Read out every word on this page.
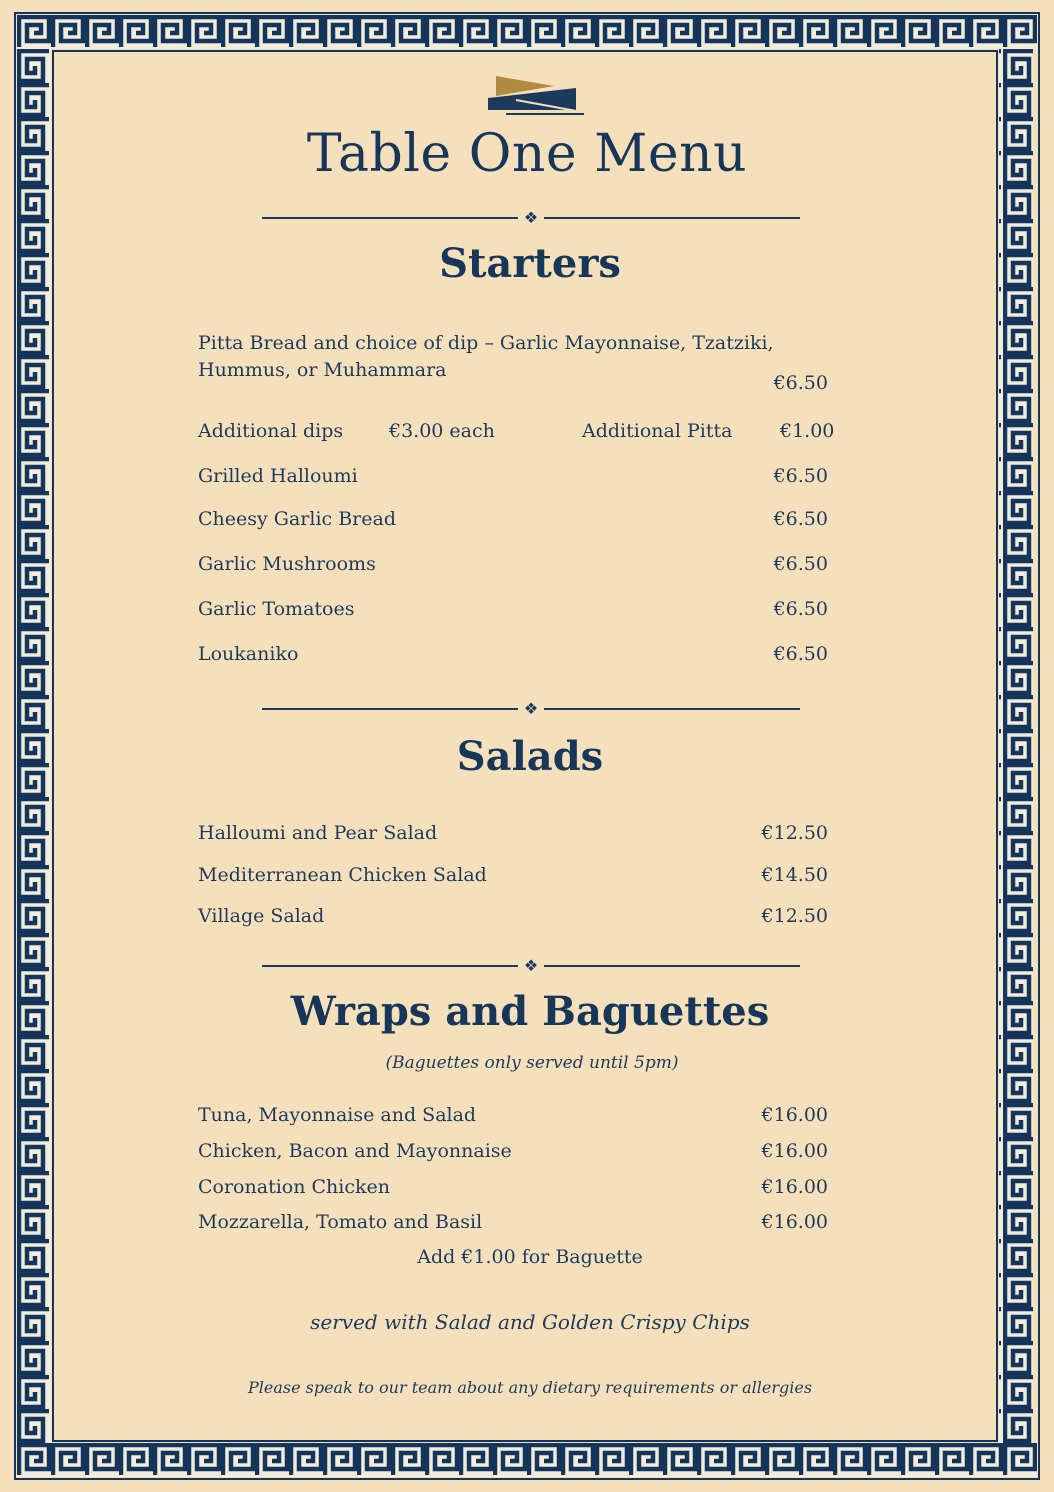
Table One Menu
❖
Starters
Pitta Bread and choice of dip – Garlic Mayonnaise, Tzatziki, Hummus, or Muhammara
€6.50
Additional dips €3.00 each	Additional Pitta	€1.00
Grilled Halloumi	€6.50
Cheesy Garlic Bread	€6.50
Garlic Mushrooms	€6.50
Garlic Tomatoes	€6.50
Loukaniko	€6.50
❖
Salads
Halloumi and Pear Salad	€12.50
Mediterranean Chicken Salad	€14.50
Village Salad	€12.50
❖
Wraps and Baguettes
(Baguettes only served until 5pm)
Tuna, Mayonnaise and Salad	€16.00
Chicken, Bacon and Mayonnaise	€16.00
Coronation Chicken	€16.00
Mozzarella, Tomato and Basil	€16.00
Add €1.00 for Baguette
served with Salad and Golden Crispy Chips
Please speak to our team about any dietary requirements or allergies
